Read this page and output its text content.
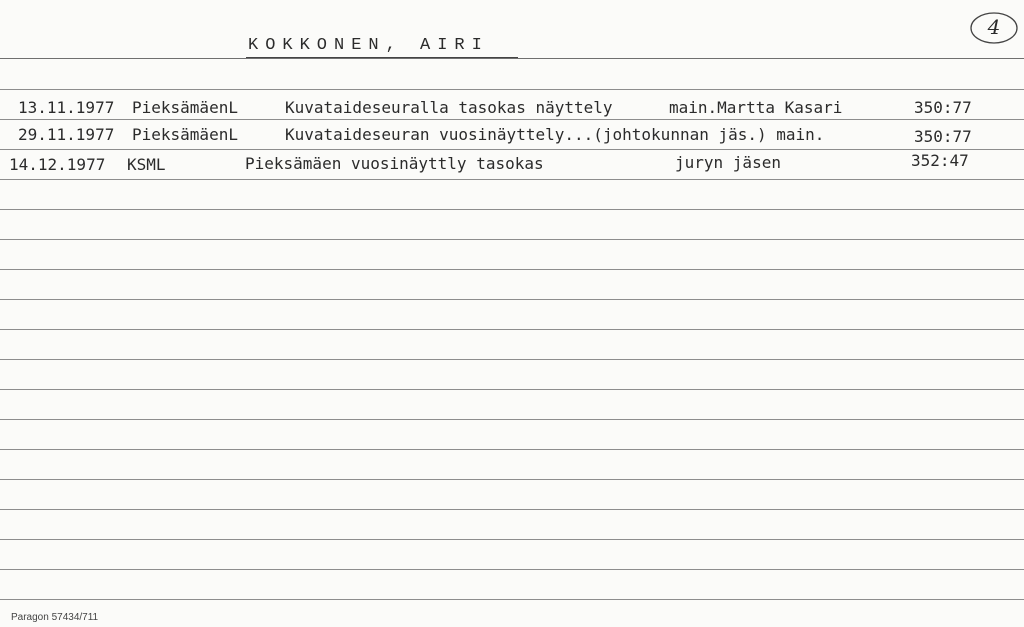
KOKKONEN, AIRI
4
13.11.1977 PieksämäenL	Kuvataideseuralla tasokas näyttely	main.Martta Kasari	350:77
29.11.1977 PieksämäenL	Kuvataideseuran vuosinäyttely...(johtokunnan jäs.) main.	350:77
14.12.1977 KSML	Pieksämäen vuosinäyttly tasokas	juryn jäsen	352:47
Paragon 57434/711
